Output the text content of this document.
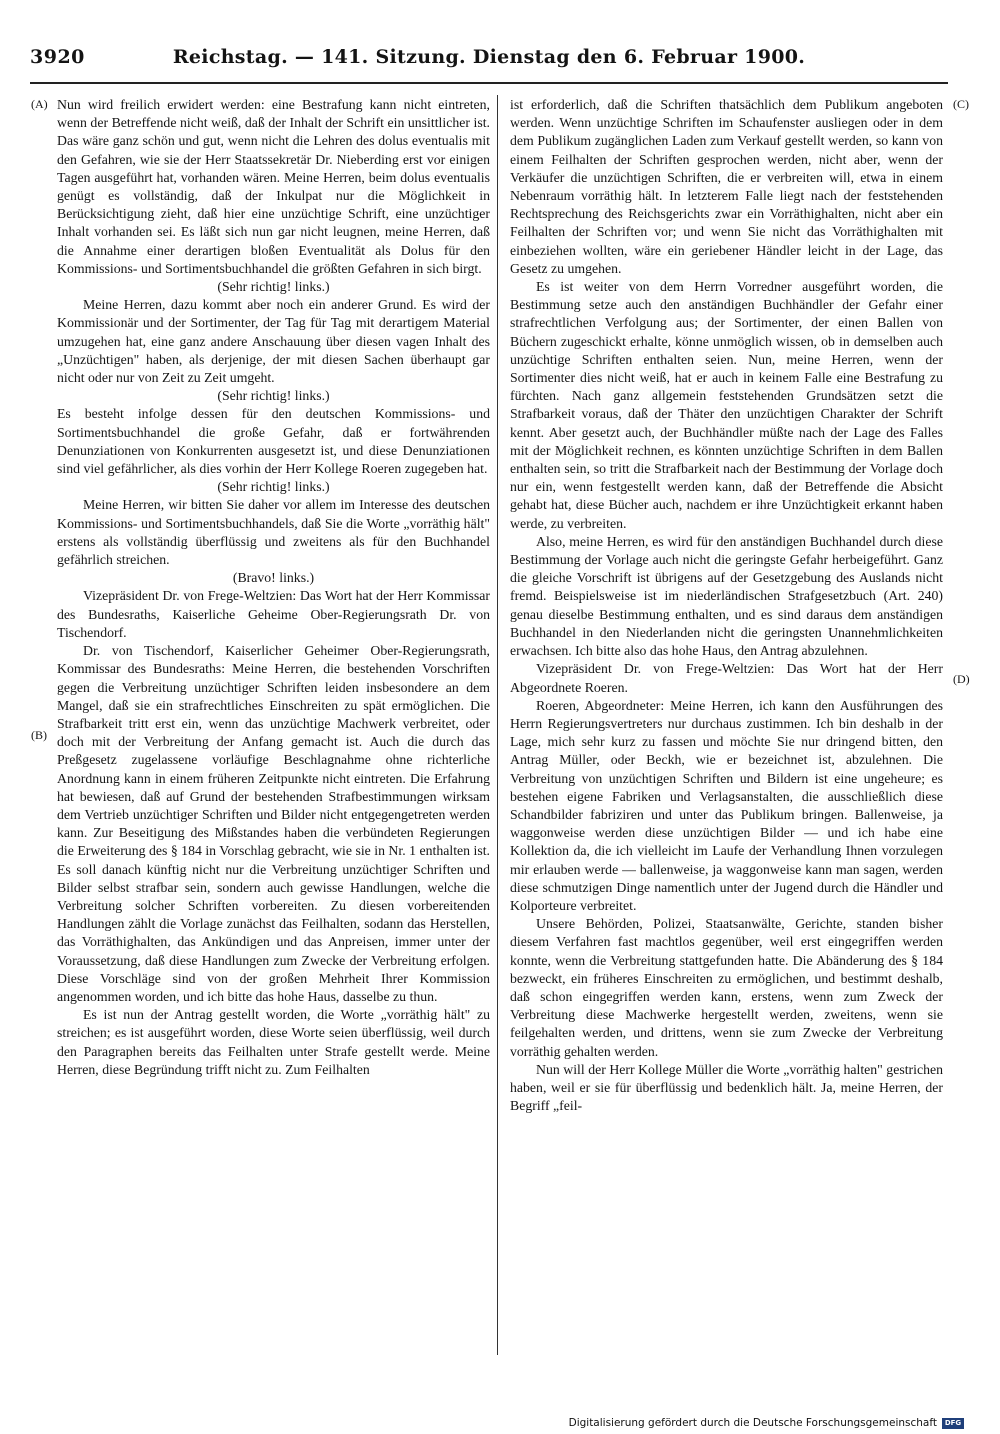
3920	Reichstag. — 141. Sitzung. Dienstag den 6. Februar 1900.
(A)
(B)
(C)
(D)

Nun wird freilich erwidert werden: eine Bestrafung kann nicht eintreten, wenn der Betreffende nicht weiß, daß der Inhalt der Schrift ein unsittlicher ist. Das wäre ganz schön und gut, wenn nicht die Lehren des dolus eventualis mit den Gefahren, wie sie der Herr Staatssekretär Dr. Nieberding erst vor einigen Tagen ausgeführt hat, vorhanden wären. Meine Herren, beim dolus eventualis genügt es vollständig, daß der Inkulpat nur die Möglichkeit in Berücksichtigung zieht, daß hier eine unzüchtige Schrift, eine unzüchtiger Inhalt vorhanden sei. Es läßt sich nun gar nicht leugnen, meine Herren, daß die Annahme einer derartigen bloßen Eventualität als Dolus für den Kommissions- und Sortimentsbuchhandel die größten Gefahren in sich birgt.

(Sehr richtig! links.)

Meine Herren, dazu kommt aber noch ein anderer Grund. Es wird der Kommissionär und der Sortimenter, der Tag für Tag mit derartigem Material umzugehen hat, eine ganz andere Anschauung über diesen vagen Inhalt des „Unzüchtigen" haben, als derjenige, der mit diesen Sachen überhaupt gar nicht oder nur von Zeit zu Zeit umgeht.

(Sehr richtig! links.)

Es besteht infolge dessen für den deutschen Kommissions- und Sortimentsbuchhandel die große Gefahr, daß er fortwährenden Denunziationen von Konkurrenten ausgesetzt ist, und diese Denunziationen sind viel gefährlicher, als dies vorhin der Herr Kollege Roeren zugegeben hat.

(Sehr richtig! links.)

Meine Herren, wir bitten Sie daher vor allem im Interesse des deutschen Kommissions- und Sortimentsbuchhandels, daß Sie die Worte „vorräthig hält" erstens als vollständig überflüssig und zweitens als für den Buchhandel gefährlich streichen.

(Bravo! links.)

Vizepräsident Dr. von Frege-Weltzien: Das Wort hat der Herr Kommissar des Bundesraths, Kaiserliche Geheime Ober-Regierungsrath Dr. von Tischendorf.

Dr. von Tischendorf, Kaiserlicher Geheimer Ober-Regierungsrath, Kommissar des Bundesraths: Meine Herren, die bestehenden Vorschriften gegen die Verbreitung unzüchtiger Schriften leiden insbesondere an dem Mangel, daß sie ein strafrechtliches Einschreiten zu spät ermöglichen. Die Strafbarkeit tritt erst ein, wenn das unzüchtige Machwerk verbreitet, oder doch mit der Verbreitung der Anfang gemacht ist. Auch die durch das Preßgesetz zugelassene vorläufige Beschlagnahme ohne richterliche Anordnung kann in einem früheren Zeitpunkte nicht eintreten. Die Erfahrung hat bewiesen, daß auf Grund der bestehenden Strafbestimmungen wirksam dem Vertrieb unzüchtiger Schriften und Bilder nicht entgegengetreten werden kann. Zur Beseitigung des Mißstandes haben die verbündeten Regierungen die Erweiterung des § 184 in Vorschlag gebracht, wie sie in Nr. 1 enthalten ist. Es soll danach künftig nicht nur die Verbreitung unzüchtiger Schriften und Bilder selbst strafbar sein, sondern auch gewisse Handlungen, welche die Verbreitung solcher Schriften vorbereiten. Zu diesen vorbereitenden Handlungen zählt die Vorlage zunächst das Feilhalten, sodann das Herstellen, das Vorräthighalten, das Ankündigen und das Anpreisen, immer unter der Voraussetzung, daß diese Handlungen zum Zwecke der Verbreitung erfolgen. Diese Vorschläge sind von der großen Mehrheit Ihrer Kommission angenommen worden, und ich bitte das hohe Haus, dasselbe zu thun.

Es ist nun der Antrag gestellt worden, die Worte „vorräthig hält" zu streichen; es ist ausgeführt worden, diese Worte seien überflüssig, weil durch den Paragraphen bereits das Feilhalten unter Strafe gestellt werde. Meine Herren, diese Begründung trifft nicht zu. Zum Feilhalten

ist erforderlich, daß die Schriften thatsächlich dem Publikum angeboten werden. Wenn unzüchtige Schriften im Schaufenster ausliegen oder in dem dem Publikum zugänglichen Laden zum Verkauf gestellt werden, so kann von einem Feilhalten der Schriften gesprochen werden, nicht aber, wenn der Verkäufer die unzüchtigen Schriften, die er verbreiten will, etwa in einem Nebenraum vorräthig hält. In letzterem Falle liegt nach der feststehenden Rechtsprechung des Reichsgerichts zwar ein Vorräthighalten, nicht aber ein Feilhalten der Schriften vor; und wenn Sie nicht das Vorräthighalten mit einbeziehen wollten, wäre ein geriebener Händler leicht in der Lage, das Gesetz zu umgehen.

Es ist weiter von dem Herrn Vorredner ausgeführt worden, die Bestimmung setze auch den anständigen Buchhändler der Gefahr einer strafrechtlichen Verfolgung aus; der Sortimenter, der einen Ballen von Büchern zugeschickt erhalte, könne unmöglich wissen, ob in demselben auch unzüchtige Schriften enthalten seien. Nun, meine Herren, wenn der Sortimenter dies nicht weiß, hat er auch in keinem Falle eine Bestrafung zu fürchten. Nach ganz allgemein feststehenden Grundsätzen setzt die Strafbarkeit voraus, daß der Thäter den unzüchtigen Charakter der Schrift kennt. Aber gesetzt auch, der Buchhändler müßte nach der Lage des Falles mit der Möglichkeit rechnen, es könnten unzüchtige Schriften in dem Ballen enthalten sein, so tritt die Strafbarkeit nach der Bestimmung der Vorlage doch nur ein, wenn festgestellt werden kann, daß der Betreffende die Absicht gehabt hat, diese Bücher auch, nachdem er ihre Unzüchtigkeit erkannt haben werde, zu verbreiten.

Also, meine Herren, es wird für den anständigen Buchhandel durch diese Bestimmung der Vorlage auch nicht die geringste Gefahr herbeigeführt. Ganz die gleiche Vorschrift ist übrigens auf der Gesetzgebung des Auslands nicht fremd. Beispielsweise ist im niederländischen Strafgesetzbuch (Art. 240) genau dieselbe Bestimmung enthalten, und es sind daraus dem anständigen Buchhandel in den Niederlanden nicht die geringsten Unannehmlichkeiten erwachsen. Ich bitte also das hohe Haus, den Antrag abzulehnen.

Vizepräsident Dr. von Frege-Weltzien: Das Wort hat der Herr Abgeordnete Roeren.

Roeren, Abgeordneter: Meine Herren, ich kann den Ausführungen des Herrn Regierungsvertreters nur durchaus zustimmen. Ich bin deshalb in der Lage, mich sehr kurz zu fassen und möchte Sie nur dringend bitten, den Antrag Müller, oder Beckh, wie er bezeichnet ist, abzulehnen. Die Verbreitung von unzüchtigen Schriften und Bildern ist eine ungeheure; es bestehen eigene Fabriken und Verlagsanstalten, die ausschließlich diese Schandbilder fabriziren und unter das Publikum bringen. Ballenweise, ja waggonweise werden diese unzüchtigen Bilder — und ich habe eine Kollektion da, die ich vielleicht im Laufe der Verhandlung Ihnen vorzulegen mir erlauben werde — ballenweise, ja waggonweise kann man sagen, werden diese schmutzigen Dinge namentlich unter der Jugend durch die Händler und Kolporteure verbreitet.

Unsere Behörden, Polizei, Staatsanwälte, Gerichte, standen bisher diesem Verfahren fast machtlos gegenüber, weil erst eingegriffen werden konnte, wenn die Verbreitung stattgefunden hatte. Die Abänderung des § 184 bezweckt, ein früheres Einschreiten zu ermöglichen, und bestimmt deshalb, daß schon eingegriffen werden kann, erstens, wenn zum Zweck der Verbreitung diese Machwerke hergestellt werden, zweitens, wenn sie feilgehalten werden, und drittens, wenn sie zum Zwecke der Verbreitung vorräthig gehalten werden.

Nun will der Herr Kollege Müller die Worte „vorräthig halten" gestrichen haben, weil er sie für überflüssig und bedenklich hält. Ja, meine Herren, der Begriff „feil-

Digitalisierung gefördert durch die Deutsche Forschungsgemeinschaft	DFG
